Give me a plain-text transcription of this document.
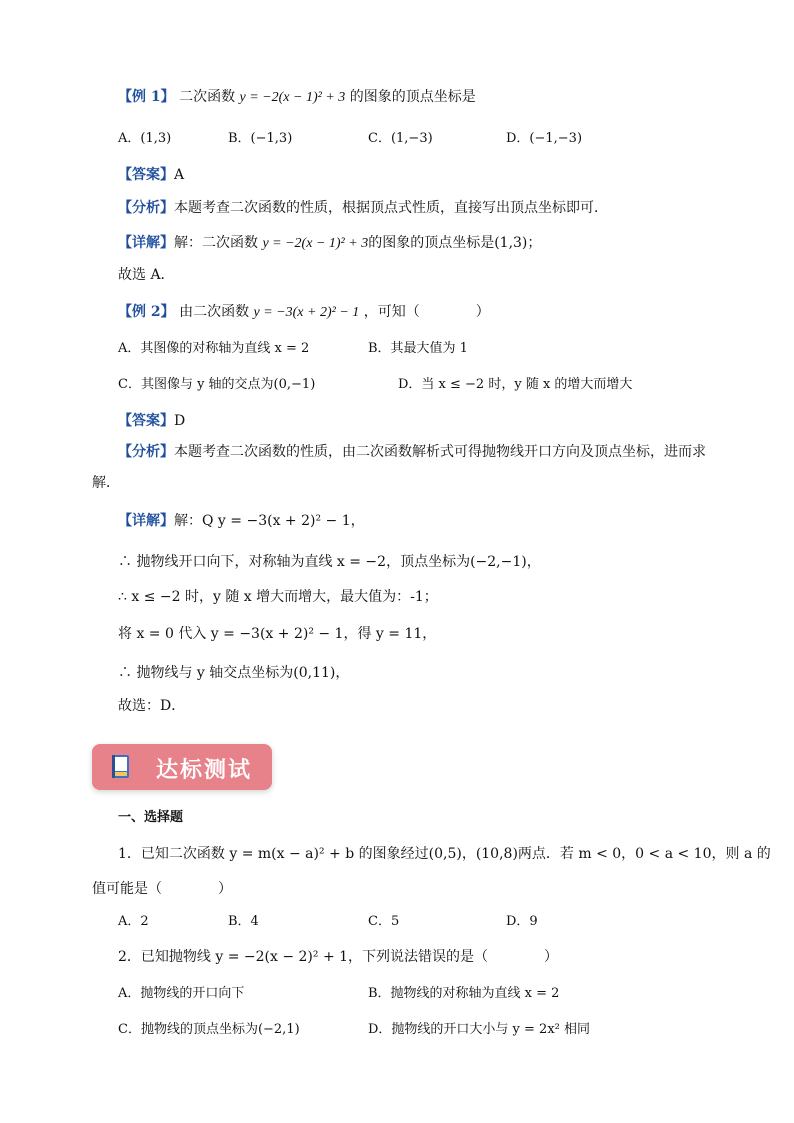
【例 1】 二次函数 y = −2(x − 1)² + 3 的图象的顶点坐标是
A．(1,3)	B．(−1,3)	C．(1,−3)	D．(−1,−3)
【答案】A
【分析】本题考查二次函数的性质，根据顶点式性质，直接写出顶点坐标即可．
【详解】解：二次函数 y = −2(x − 1)² + 3的图象的顶点坐标是(1,3)；
故选 A．
【例 2】 由二次函数 y = −3(x + 2)² − 1 ，可知（　　　　）
A．其图像的对称轴为直线 x = 2	B．其最大值为 1
C．其图像与 y 轴的交点为(0,−1)	D．当 x ≤ −2 时，y 随 x 的增大而增大
【答案】D
【分析】本题考查二次函数的性质，由二次函数解析式可得抛物线开口方向及顶点坐标，进而求
解．
【详解】解：Q y = −3(x + 2)² − 1，
∴ 抛物线开口向下，对称轴为直线 x = −2，顶点坐标为(−2,−1)，
∴ x ≤ −2 时，y 随 x 增大而增大，最大值为：-1；
将 x = 0 代入 y = −3(x + 2)² − 1，得 y = 11，
∴ 抛物线与 y 轴交点坐标为(0,11)，
故选：D．
达标测试
一、选择题
1．已知二次函数 y = m(x − a)² + b 的图象经过(0,5)，(10,8)两点．若 m < 0，0 < a < 10，则 a 的
值可能是（　　　　）
A．2	B．4	C．5	D．9
2．已知抛物线 y = −2(x − 2)² + 1，下列说法错误的是（　　　　）
A．抛物线的开口向下	B．抛物线的对称轴为直线 x = 2
C．抛物线的顶点坐标为(−2,1)	D．抛物线的开口大小与 y = 2x² 相同
